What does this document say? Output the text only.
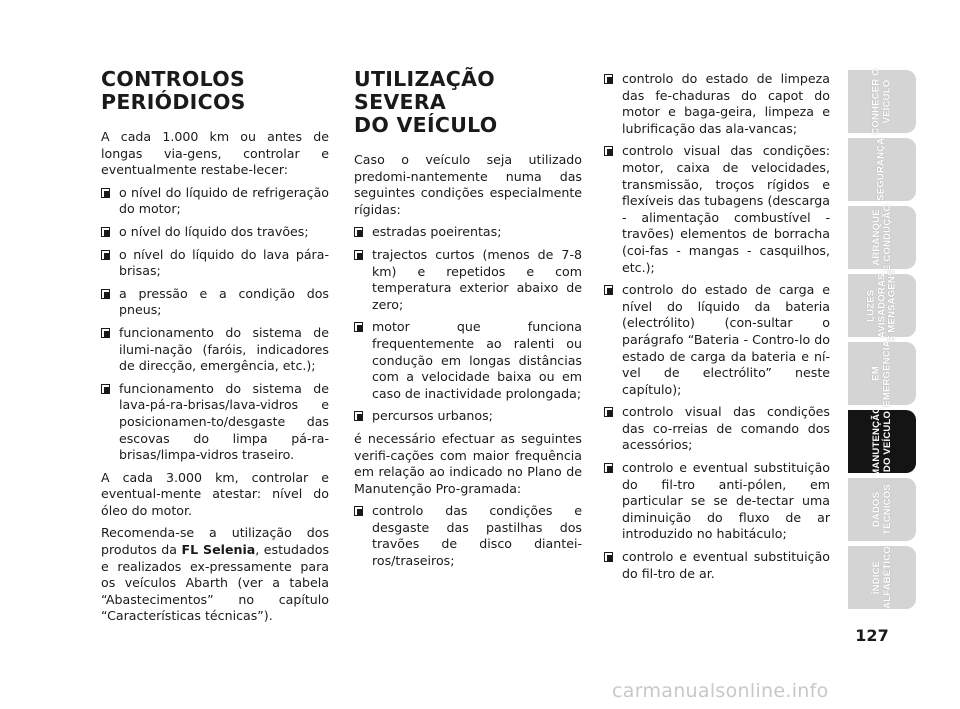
CONTROLOS
PERIÓDICOS

A cada 1.000 km ou antes de longas via-gens, controlar e eventualmente restabe-lecer:

o nível do líquido de refrigeração do motor;
o nível do líquido dos travões;
o nível do líquido do lava pára-brisas;
a pressão e a condição dos pneus;
funcionamento do sistema de ilumi-nação (faróis, indicadores de direcção, emergência, etc.);
funcionamento do sistema de lava-pá-ra-brisas/lava-vidros e posicionamen-to/desgaste das escovas do limpa pá-ra-brisas/limpa-vidros traseiro.

A cada 3.000 km, controlar e eventual-mente atestar: nível do óleo do motor.

Recomenda-se a utilização dos produtos da FL Selenia, estudados e realizados ex-pressamente para os veículos Abarth (ver a tabela “Abastecimentos” no capítulo “Características técnicas”).

UTILIZAÇÃO SEVERA
DO VEÍCULO

Caso o veículo seja utilizado predomi-nantemente numa das seguintes condições especialmente rígidas:

estradas poeirentas;
trajectos curtos (menos de 7-8 km) e repetidos e com temperatura exterior abaixo de zero;
motor que funciona frequentemente ao ralenti ou condução em longas distâncias com a velocidade baixa ou em caso de inactividade prolongada;
percursos urbanos;

é necessário efectuar as seguintes verifi-cações com maior frequência em relação ao indicado no Plano de Manutenção Pro-gramada:

controlo das condições e desgaste das pastilhas dos travões de disco diantei-ros/traseiros;
controlo do estado de limpeza das fe-chaduras do capot do motor e baga-geira, limpeza e lubrificação das ala-vancas;
controlo visual das condições: motor, caixa de velocidades, transmissão, troços rígidos e flexíveis das tubagens (descarga - alimentação combustível - travões) elementos de borracha (coi-fas - mangas - casquilhos, etc.);
controlo do estado de carga e nível do líquido da bateria (electrólito) (con-sultar o parágrafo “Bateria - Contro-lo do estado de carga da bateria e ní-vel de electrólito” neste capítulo);
controlo visual das condições das co-rreias de comando dos acessórios;
controlo e eventual substituição do fil-tro anti-pólen, em particular se se de-tectar uma diminuição do fluxo de ar introduzido no habitáculo;
controlo e eventual substituição do fil-tro de ar.
CONHECER O
VEÍCULO
SEGURANÇA
ARRANQUE
E CONDUÇÃO
LUZES
AVISADORAS
E MENSAGENS
EM
EMERGÊNCIA
MANUTENÇÃO
DO VEÍCULO
DADOS
TÉCNICOS
ÍNDICE
ALFABÉTICO
127
carmanualsonline.info
